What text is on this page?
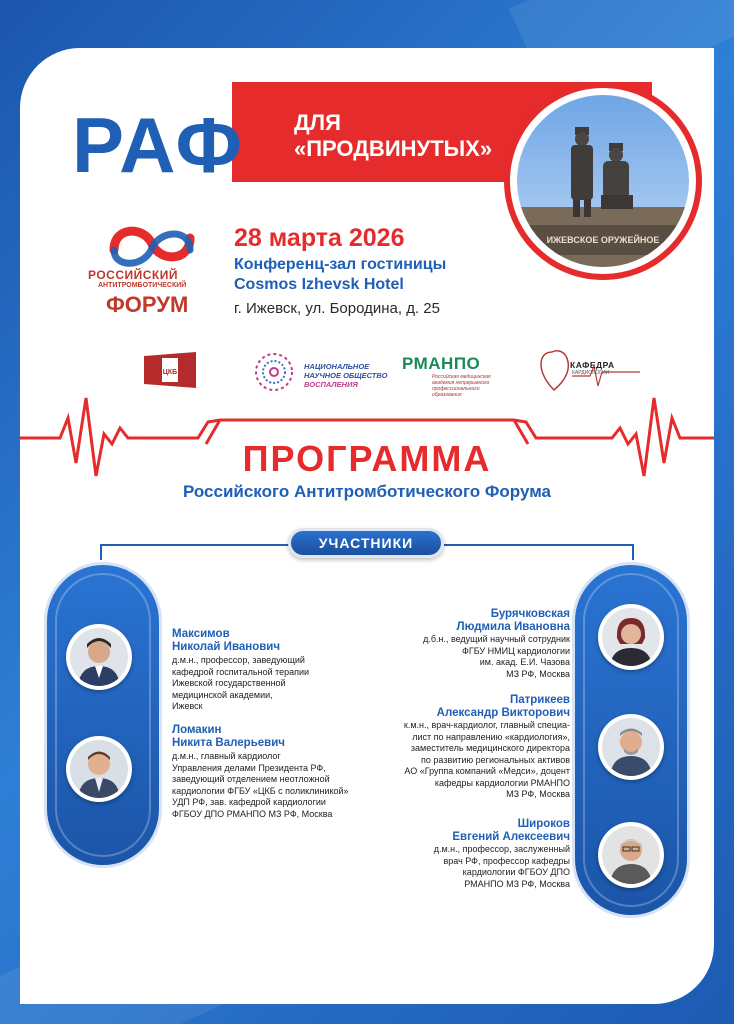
ДЛЯ
«ПРОДВИНУТЫХ»
РАФ
ИЖЕВСКОЕ ОРУЖЕЙНОЕ
РОССИЙСКИЙ
АНТИТРОМБОТИЧЕСКИЙ
ФОРУМ
28 марта 2026
Конференц-зал гостиницы
Cosmos Izhevsk Hotel
г. Ижевск, ул. Бородина, д. 25
ЦКБ
НАЦИОНАЛЬНОЕ
НАУЧНОЕ ОБЩЕСТВО
ВОСПАЛЕНИЯ
РМАНПО
Российская медицинская академия непрерывного профессионального образования
КАФЕДРА
КАРДИОЛОГИИ
ПРОГРАММА
Российского Антитромботического Форума
УЧАСТНИКИ
Максимов
Николай Иванович
д.м.н., профессор, заведующий
кафедрой госпитальной терапии
Ижевской государственной
медицинской академии,
Ижевск
Ломакин
Никита Валерьевич
д.м.н., главный кардиолог
Управления делами Президента РФ,
заведующий отделением неотложной
кардиологии ФГБУ «ЦКБ с поликлиникой»
УДП РФ, зав. кафедрой кардиологии
ФГБОУ ДПО РМАНПО МЗ РФ, Москва
Бурячковская
Людмила Ивановна
д.б.н., ведущий научный сотрудник
ФГБУ НМИЦ кардиологии
им. акад. Е.И. Чазова
МЗ РФ, Москва
Патрикеев
Александр Викторович
к.м.н., врач-кардиолог, главный специа-
лист по направлению «кардиология»,
заместитель медицинского директора
по развитию региональных активов
АО «Группа компаний «Медси», доцент
кафедры кардиологии РМАНПО
МЗ РФ, Москва
Широков
Евгений Алексеевич
д.м.н., профессор, заслуженный
врач РФ, профессор кафедры
кардиологии ФГБОУ ДПО
РМАНПО МЗ РФ, Москва
